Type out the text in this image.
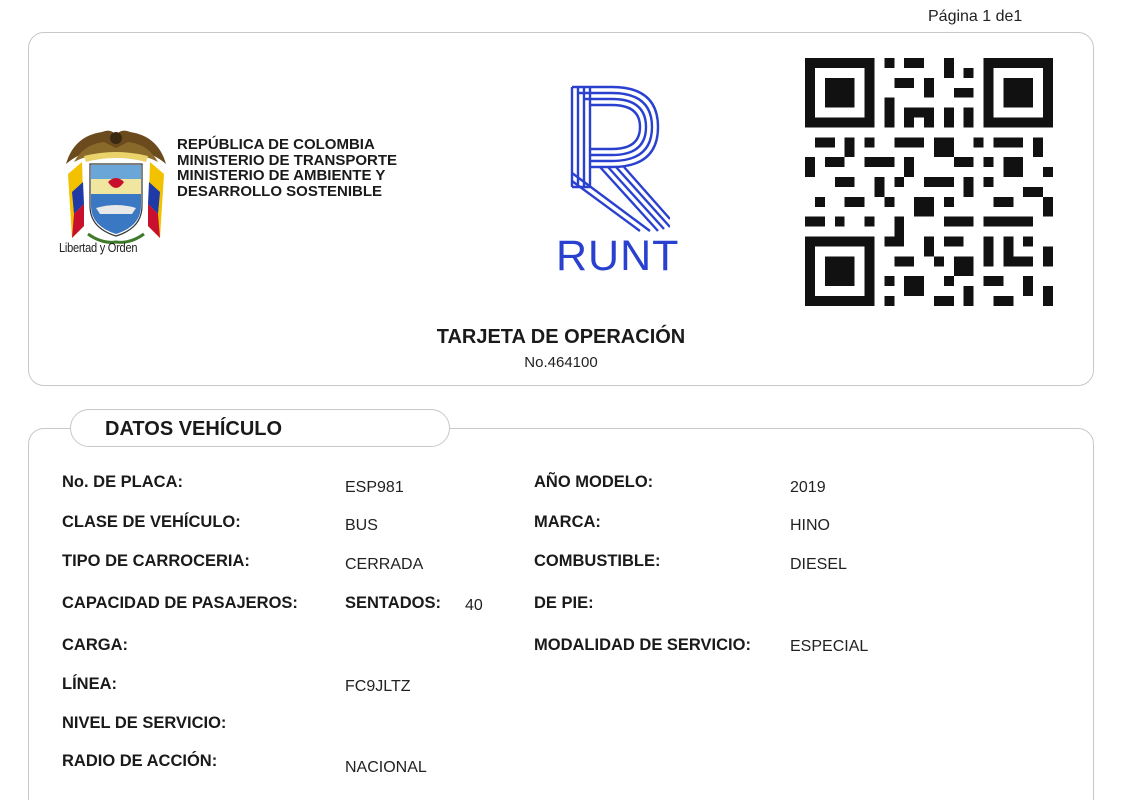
Página 1 de1
Libertad y Orden
REPÚBLICA DE COLOMBIA
MINISTERIO DE TRANSPORTE
MINISTERIO DE AMBIENTE Y
DESARROLLO SOSTENIBLE
RUNT
TARJETA DE OPERACIÓN
No.464100
DATOS VEHÍCULO
No. DE PLACA:	ESP981
CLASE DE VEHÍCULO:	BUS
TIPO DE CARROCERIA:	CERRADA
CAPACIDAD DE PASAJEROS:	SENTADOS: 40
CARGA:
LÍNEA:	FC9JLTZ
NIVEL DE SERVICIO:
RADIO DE ACCIÓN:	NACIONAL
AÑO MODELO:	2019
MARCA:	HINO
COMBUSTIBLE:	DIESEL
DE PIE:
MODALIDAD DE SERVICIO: ESPECIAL
